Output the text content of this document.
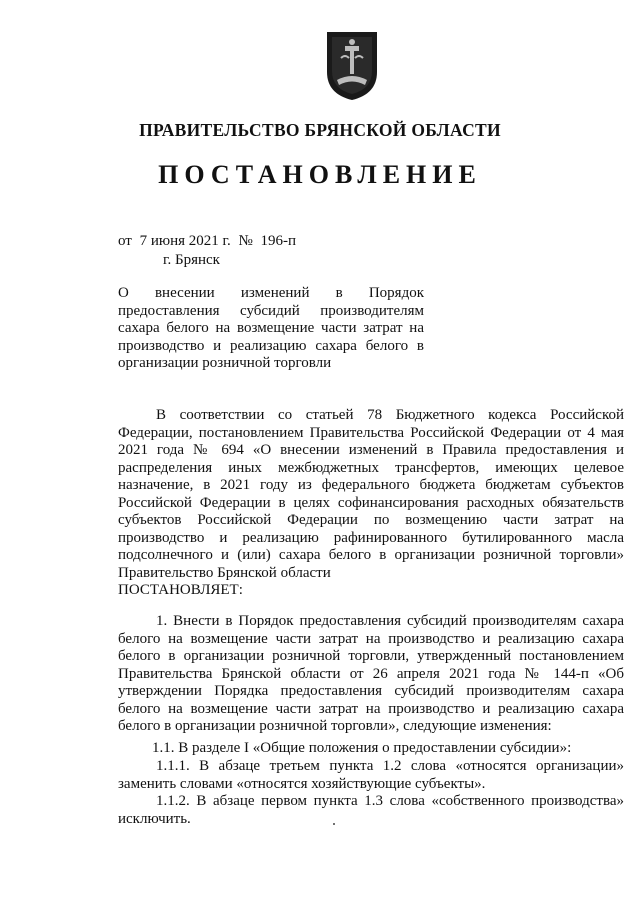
ПРАВИТЕЛЬСТВО БРЯНСКОЙ ОБЛАСТИ
ПОСТАНОВЛЕНИЕ
от 7 июня 2021 г. № 196-п
г. Брянск
О внесении изменений в Порядок предоставления субсидий производителям сахара белого на возмещение части затрат на производство и реализацию сахара белого в организации розничной торговли

В соответствии со статьей 78 Бюджетного кодекса Российской Федерации, постановлением Правительства Российской Федерации от 4 мая 2021 года № 694 «О внесении изменений в Правила предоставления и распределения иных межбюджетных трансфертов, имеющих целевое назначение, в 2021 году из федерального бюджета бюджетам субъектов Российской Федерации в целях софинансирования расходных обязательств субъектов Российской Федерации по возмещению части затрат на производство и реализацию рафинированного бутилированного масла подсолнечного и (или) сахара белого в организации розничной торговли» Правительство Брянской области

ПОСТАНОВЛЯЕТ:

1. Внести в Порядок предоставления субсидий производителям сахара белого на возмещение части затрат на производство и реализацию сахара белого в организации розничной торговли, утвержденный постановлением Правительства Брянской области от 26 апреля 2021 года № 144-п «Об утверждении Порядка предоставления субсидий производителям сахара белого на возмещение части затрат на производство и реализацию сахара белого в организации розничной торговли», следующие изменения:

1.1. В разделе I «Общие положения о предоставлении субсидии»:

1.1.1. В абзаце третьем пункта 1.2 слова «относятся организации» заменить словами «относятся хозяйствующие субъекты».

1.1.2. В абзаце первом пункта 1.3 слова «собственного производства» исключить.
